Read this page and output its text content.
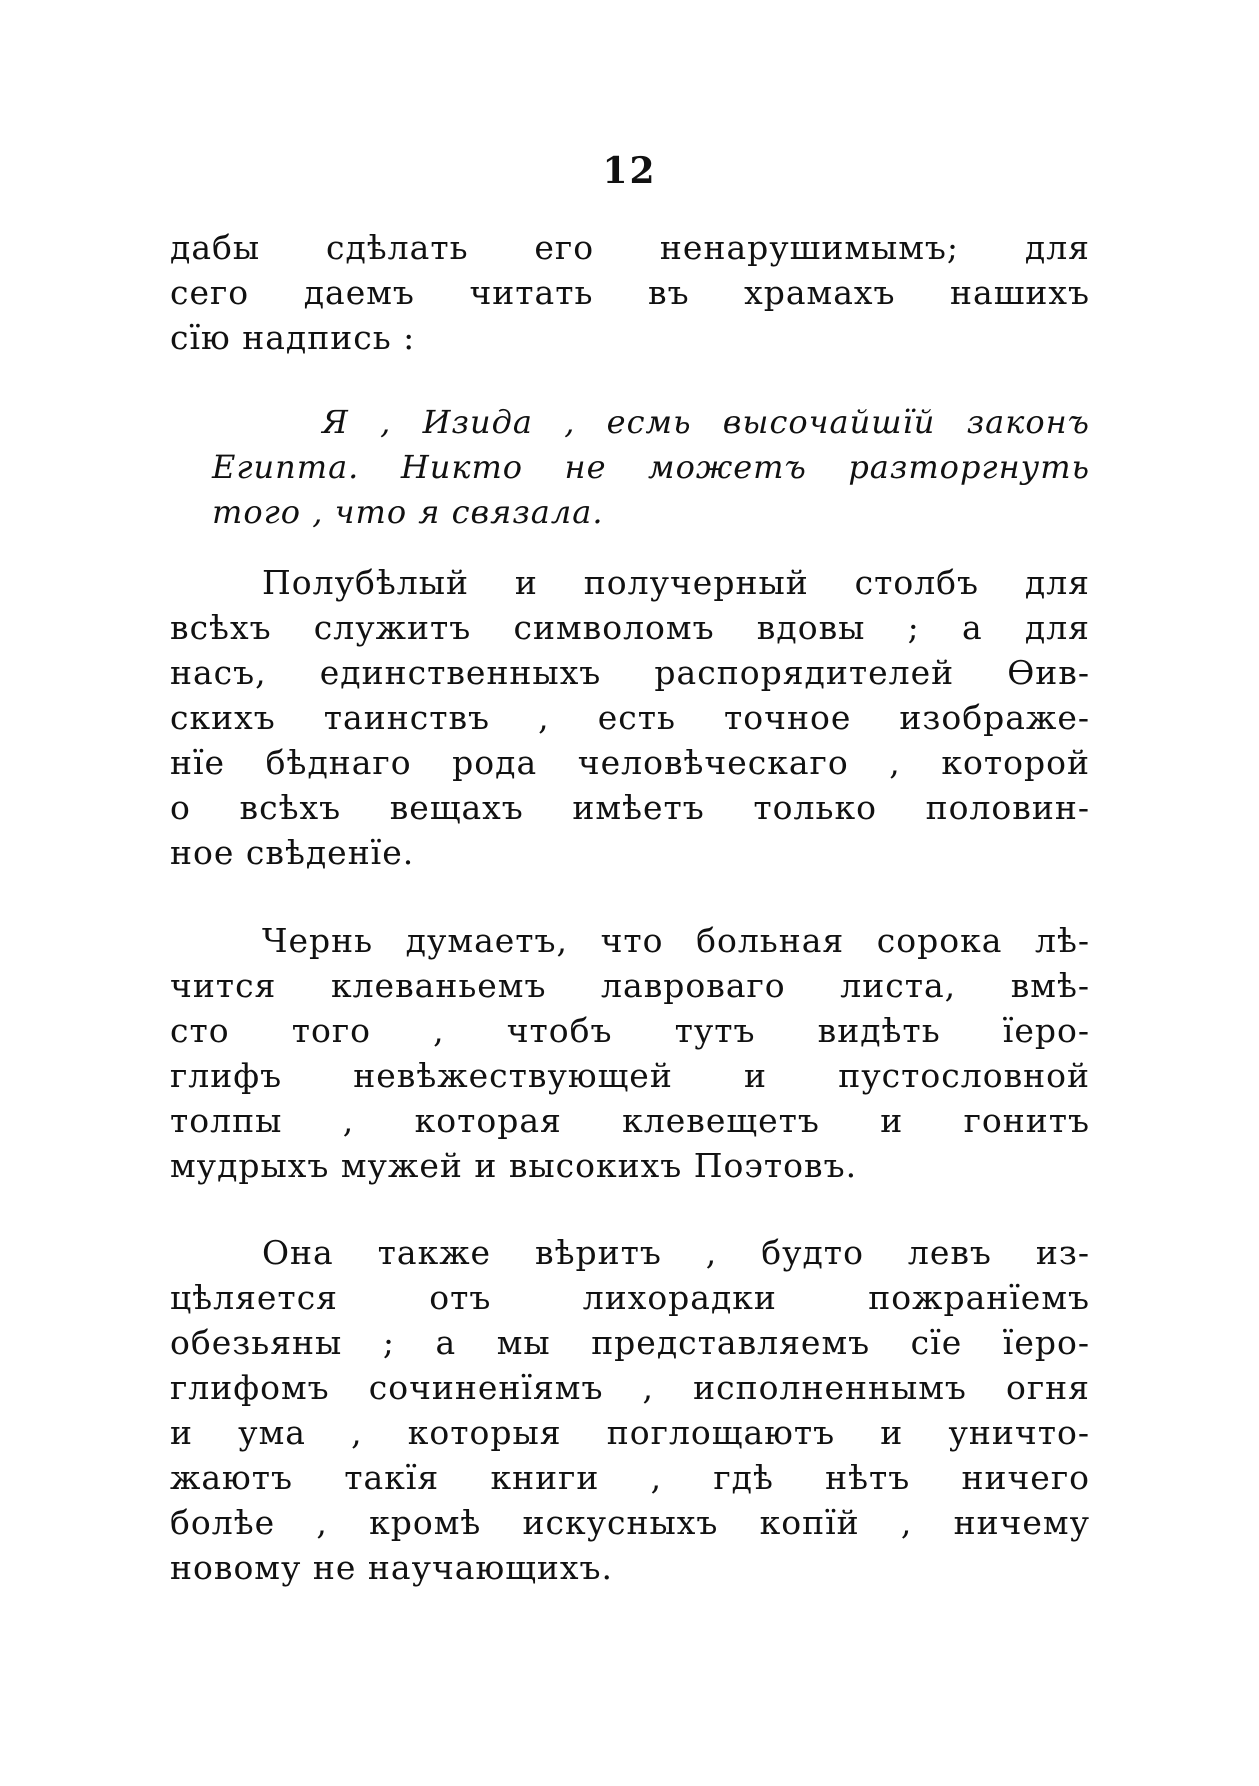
12
дабы сдѣлать его ненарушимымъ; для
сего даемъ читать въ храмахъ нашихъ
сїю надпись :
Я , Изида , есмь высочайшїй законъ
Египта. Никто не можетъ разторгнуть
того , что я связала.
Полубѣлый и получерный столбъ для
всѣхъ служитъ символомъ вдовы ; а для
насъ, единственныхъ распорядителей Ѳив-
скихъ таинствъ , есть точное изображе-
нїе бѣднаго рода человѣческаго , которой
о всѣхъ вещахъ имѣетъ только половин-
ное свѣденїе.
Чернь думаетъ, что больная сорока лѣ-
чится клеваньемъ лавроваго листа, вмѣ-
сто того , чтобъ тутъ видѣть їеро-
глифъ невѣжествующей и пустословной
толпы , которая клевещетъ и гонитъ
мудрыхъ мужей и высокихъ Поэтовъ.
Она также вѣритъ , будто левъ из-
цѣляется отъ лихорадки пожранїемъ
обезьяны ; а мы представляемъ сїе їеро-
глифомъ сочиненїямъ , исполненнымъ огня
и ума , которыя поглощаютъ и уничто-
жаютъ такїя книги , гдѣ нѣтъ ничего
болѣе , кромѣ искусныхъ копїй , ничему
новому не научающихъ.
